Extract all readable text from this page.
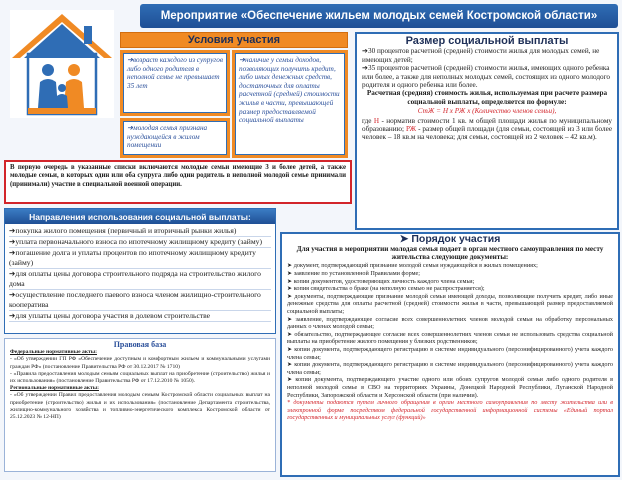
Мероприятие «Обеспечение жильем молодых семей Костромской области»
Условия участия
➔возраст каждого из супругов либо одного родителя в неполной семье не превышает 35 лет
➔молодая семья признана нуждающейся в жилом помещении
➔наличие у семьи доходов, позволяющих получить кредит, либо иных денежных средств, достаточных для оплаты расчетной (средней) стоимости жилья в части, превышающей размер предоставляемой социальной выплаты
Размер социальной выплаты
➔30 процентов расчетной (средней) стоимости жилья для молодых семей, не имеющих детей;
➔35 процентов расчетной (средней) стоимости жилья, имеющих одного ребенка или более, а также для неполных молодых семей, состоящих из одного молодого родителя и одного ребенка или более.
Расчетная (средняя) стоимость жилья, используемая при расчете размера социальной выплаты, определяется по формуле:
СтЖ = Н х РЖ х (Количество членов семьи),
где Н - норматив стоимости 1 кв. м общей площади жилья по муниципальному образованию; РЖ - размер общей площади (для семьи, состоящей из 3 или более человек – 18 кв.м на человека; для семьи, состоящей из 2 человек – 42 кв.м).
В первую очередь в указанные списки включаются молодые семьи имеющие 3 и более детей, а также молодые семьи, в которых один или оба супруга либо один родитель в неполной молодой семье принимали (принимали) участие в специальной военной операции.
Направления использования социальной выплаты:
➔покупка жилого помещения (первичный и вторичный рынки жилья)
➔уплата первоначального взноса по ипотечному жилищному кредиту (займу)
➔погашение долга и уплаты процентов по ипотечному жилищному кредиту (займу)
➔для оплаты цены договора строительного подряда на строительство жилого дома
➔осуществление последнего паевого взноса членом жилищно-строительного кооператива
➔для уплаты цены договора участия в долевом строительстве
Правовая база
Федеральные нормативные акты:
- «Об утверждении ГП РФ «Обеспечение доступным и комфортным жильем и коммунальными услугами граждан РФ» (постановление Правительства РФ от 30.12.2017 № 1710)
- «Правила предоставления молодым семьям социальных выплат на приобретение (строительство) жилья и их использования» (постановление Правительства РФ от 17.12.2010 № 1050).
Региональные нормативные акты:
- «Об утверждении Правил предоставления молодым семьям Костромской области социальных выплат на приобретение (строительство) жилья и их использования» (постановление Департамента строительства, жилищно-коммунального хозяйства и топливно-энергетического комплекса Костромской области от 25.12.2023 № 12-НП)
➤ Порядок участия
Для участия в мероприятии молодая семья подает в орган местного самоуправления по месту жительства следующие документы:
➤ документ, подтверждающий признание молодой семьи нуждающейся в жилых помещениях;
➤ заявление по установленной Правилами форме;
➤ копии документов, удостоверяющих личность каждого члена семьи;
➤ копия свидетельства о браке (на неполную семью не распространяется);
➤ документы, подтверждающие признание молодой семьи имеющей доходы, позволяющие получить кредит, либо иные денежные средства для оплаты расчетной (средней) стоимости жилья в части, превышающей размер предоставляемой социальной выплаты;
➤ заявление, подтверждающее согласие всех совершеннолетних членов молодой семьи на обработку персональных данных о членах молодой семьи;
➤ обязательство, подтверждающее согласие всех совершеннолетних членов семьи не использовать средства социальной выплаты на приобретение жилого помещения у близких родственников;
➤ копии документа, подтверждающего регистрацию в системе индивидуального (персонифицированного) учета каждого члена семьи;
➤ копии документа, подтверждающего регистрацию в системе индивидуального (персонифицированного) учета каждого члена семьи;
➤ копии документа, подтверждающего участие одного или обоих супругов молодой семьи либо одного родителя в неполной молодой семье в СВО на территориях Украины, Донецкой Народной Республики, Луганской Народной Республики, Запорожской области и Херсонской области (при наличии).
* документы подаются путем личного обращения в орган местного самоуправления по месту жительства или в электронной форме посредством федеральной государственной информационной системы «Единый портал государственных и муниципальных услуг (функций)»
